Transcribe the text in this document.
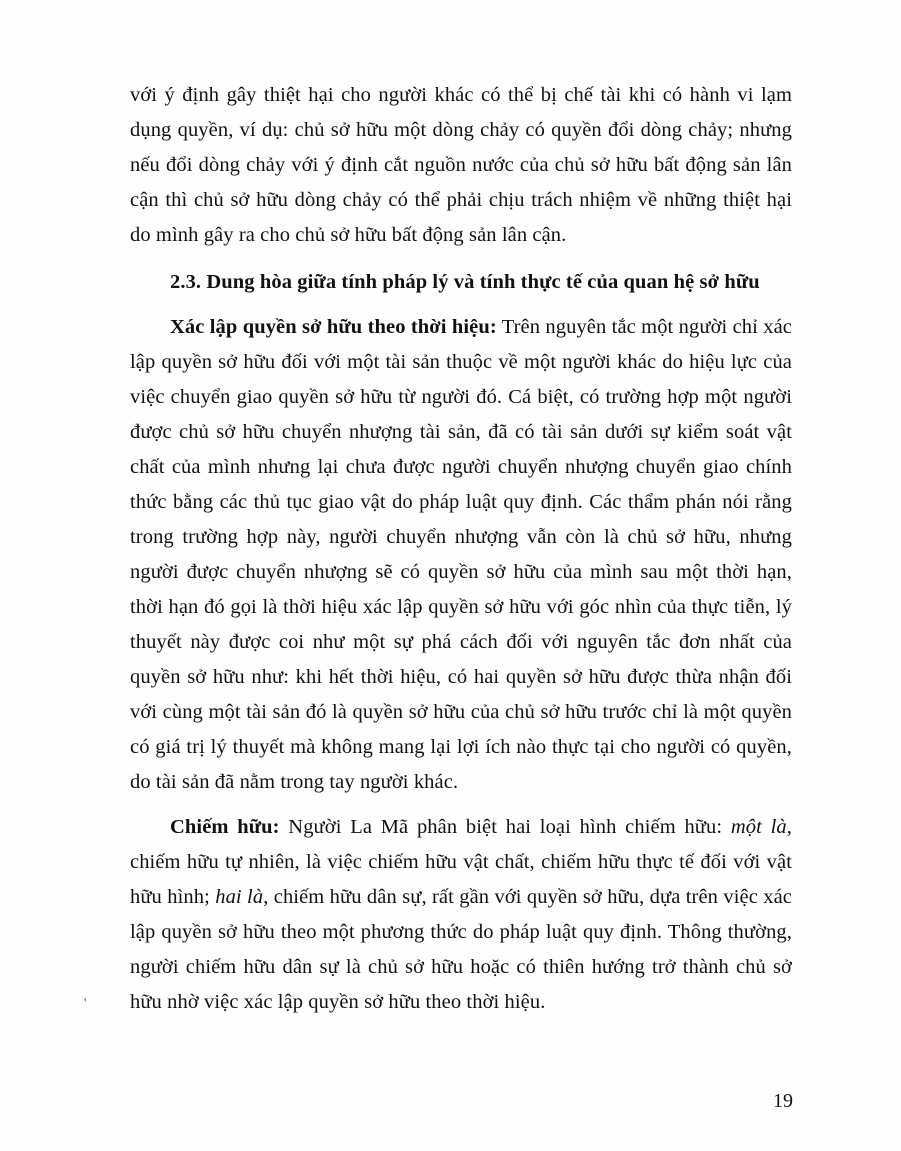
với ý định gây thiệt hại cho người khác có thể bị chế tài khi có hành vi lạm dụng quyền, ví dụ: chủ sở hữu một dòng chảy có quyền đổi dòng chảy; nhưng nếu đổi dòng chảy với ý định cắt nguồn nước của chủ sở hữu bất động sản lân cận thì chủ sở hữu dòng chảy có thể phải chịu trách nhiệm về những thiệt hại do mình gây ra cho chủ sở hữu bất động sản lân cận.

2.3. Dung hòa giữa tính pháp lý và tính thực tế của quan hệ sở hữu

Xác lập quyền sở hữu theo thời hiệu: Trên nguyên tắc một người chỉ xác lập quyền sở hữu đối với một tài sản thuộc về một người khác do hiệu lực của việc chuyển giao quyền sở hữu từ người đó. Cá biệt, có trường hợp một người được chủ sở hữu chuyển nhượng tài sản, đã có tài sản dưới sự kiểm soát vật chất của mình nhưng lại chưa được người chuyển nhượng chuyển giao chính thức bằng các thủ tục giao vật do pháp luật quy định. Các thẩm phán nói rằng trong trường hợp này, người chuyển nhượng vẫn còn là chủ sở hữu, nhưng người được chuyển nhượng sẽ có quyền sở hữu của mình sau một thời hạn, thời hạn đó gọi là thời hiệu xác lập quyền sở hữu với góc nhìn của thực tiễn, lý thuyết này được coi như một sự phá cách đối với nguyên tắc đơn nhất của quyền sở hữu như: khi hết thời hiệu, có hai quyền sở hữu được thừa nhận đối với cùng một tài sản đó là quyền sở hữu của chủ sở hữu trước chỉ là một quyền có giá trị lý thuyết mà không mang lại lợi ích nào thực tại cho người có quyền, do tài sản đã nằm trong tay người khác.

Chiếm hữu: Người La Mã phân biệt hai loại hình chiếm hữu: một là, chiếm hữu tự nhiên, là việc chiếm hữu vật chất, chiếm hữu thực tế đối với vật hữu hình; hai là, chiếm hữu dân sự, rất gần với quyền sở hữu, dựa trên việc xác lập quyền sở hữu theo một phương thức do pháp luật quy định. Thông thường, người chiếm hữu dân sự là chủ sở hữu hoặc có thiên hướng trở thành chủ sở hữu nhờ việc xác lập quyền sở hữu theo thời hiệu.

'
19
